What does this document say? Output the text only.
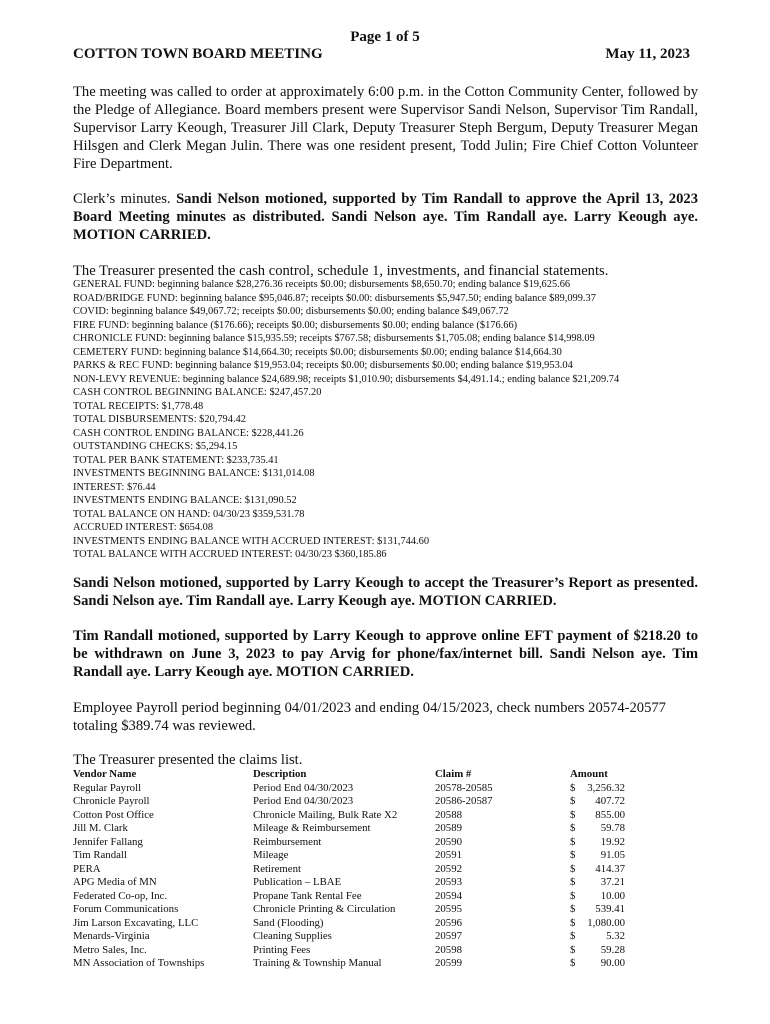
Page 1 of 5
COTTON TOWN BOARD MEETING	May 11, 2023
The meeting was called to order at approximately 6:00 p.m. in the Cotton Community Center, followed by the Pledge of Allegiance. Board members present were Supervisor Sandi Nelson, Supervisor Tim Randall, Supervisor Larry Keough, Treasurer Jill Clark, Deputy Treasurer Steph Bergum, Deputy Treasurer Megan Hilsgen and Clerk Megan Julin. There was one resident present, Todd Julin; Fire Chief Cotton Volunteer Fire Department.
Clerk’s minutes. Sandi Nelson motioned, supported by Tim Randall to approve the April 13, 2023 Board Meeting minutes as distributed. Sandi Nelson aye. Tim Randall aye. Larry Keough aye. MOTION CARRIED.
The Treasurer presented the cash control, schedule 1, investments, and financial statements.
GENERAL FUND: beginning balance $28,276.36 receipts $0.00; disbursements $8,650.70; ending balance $19,625.66
ROAD/BRIDGE FUND: beginning balance $95,046.87; receipts $0.00: disbursements $5,947.50; ending balance $89,099.37
COVID: beginning balance $49,067.72; receipts $0.00; disbursements $0.00; ending balance $49,067.72
FIRE FUND: beginning balance ($176.66); receipts $0.00; disbursements $0.00; ending balance ($176.66)
CHRONICLE FUND: beginning balance $15,935.59; receipts $767.58; disbursements $1,705.08; ending balance $14,998.09
CEMETERY FUND: beginning balance $14,664.30; receipts $0.00; disbursements $0.00; ending balance $14,664.30
PARKS & REC FUND: beginning balance $19,953.04; receipts $0.00; disbursements $0.00; ending balance $19,953.04
NON-LEVY REVENUE: beginning balance $24,689.98; receipts $1,010.90; disbursements $4,491.14.; ending balance $21,209.74
CASH CONTROL BEGINNING BALANCE: $247,457.20
TOTAL RECEIPTS: $1,778.48
TOTAL DISBURSEMENTS: $20,794.42
CASH CONTROL ENDING BALANCE: $228,441.26
OUTSTANDING CHECKS: $5,294.15
TOTAL PER BANK STATEMENT: $233,735.41
INVESTMENTS BEGINNING BALANCE: $131,014.08
INTEREST: $76.44
INVESTMENTS ENDING BALANCE: $131,090.52
TOTAL BALANCE ON HAND: 04/30/23 $359,531.78
ACCRUED INTEREST: $654.08
INVESTMENTS ENDING BALANCE WITH ACCRUED INTEREST: $131,744.60
TOTAL BALANCE WITH ACCRUED INTEREST: 04/30/23 $360,185.86
Sandi Nelson motioned, supported by Larry Keough to accept the Treasurer’s Report as presented. Sandi Nelson aye. Tim Randall aye. Larry Keough aye. MOTION CARRIED.
Tim Randall motioned, supported by Larry Keough to approve online EFT payment of $218.20 to be withdrawn on June 3, 2023 to pay Arvig for phone/fax/internet bill. Sandi Nelson aye. Tim Randall aye. Larry Keough aye. MOTION CARRIED.
Employee Payroll period beginning 04/01/2023 and ending 04/15/2023, check numbers 20574-20577 totaling $389.74 was reviewed.
The Treasurer presented the claims list.
Vendor Name	Description	Claim #	Amount
Regular Payroll	Period End 04/30/2023	20578-20585	$	3,256.32
Chronicle Payroll	Period End 04/30/2023	20586-20587	$	407.72
Cotton Post Office	Chronicle Mailing, Bulk Rate X2	20588	$	855.00
Jill M. Clark	Mileage & Reimbursement	20589	$	59.78
Jennifer Fallang	Reimbursement	20590	$	19.92
Tim Randall	Mileage	20591	$	91.05
PERA	Retirement	20592	$	414.37
APG Media of MN	Publication – LBAE	20593	$	37.21
Federated Co-op, Inc.	Propane Tank Rental Fee	20594	$	10.00
Forum Communications	Chronicle Printing & Circulation	20595	$	539.41
Jim Larson Excavating, LLC	Sand (Flooding)	20596	$	1,080.00
Menards-Virginia	Cleaning Supplies	20597	$	5.32
Metro Sales, Inc.	Printing Fees	20598	$	59.28
MN Association of Townships	Training & Township Manual	20599	$	90.00
